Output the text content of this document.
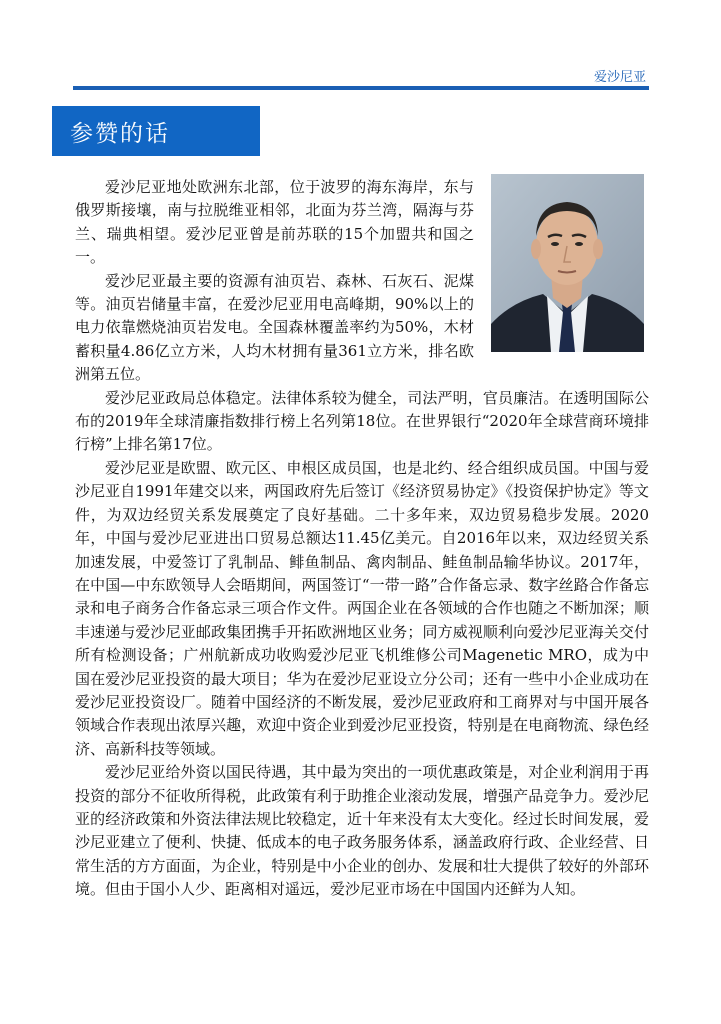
爱沙尼亚
参赞的话

爱沙尼亚地处欧洲东北部，位于波罗的海东海岸，东与俄罗斯接壤，南与拉脱维亚相邻，北面为芬兰湾，隔海与芬兰、瑞典相望。爱沙尼亚曾是前苏联的15个加盟共和国之一。

爱沙尼亚最主要的资源有油页岩、森林、石灰石、泥煤等。油页岩储量丰富，在爱沙尼亚用电高峰期，90%以上的电力依靠燃烧油页岩发电。全国森林覆盖率约为50%，木材蓄积量4.86亿立方米，人均木材拥有量361立方米，排名欧洲第五位。

爱沙尼亚政局总体稳定。法律体系较为健全，司法严明，官员廉洁。在透明国际公布的2019年全球清廉指数排行榜上名列第18位。在世界银行“2020年全球营商环境排行榜”上排名第17位。

爱沙尼亚是欧盟、欧元区、申根区成员国，也是北约、经合组织成员国。中国与爱沙尼亚自1991年建交以来，两国政府先后签订《经济贸易协定》《投资保护协定》等文件，为双边经贸关系发展奠定了良好基础。二十多年来，双边贸易稳步发展。2020年，中国与爱沙尼亚进出口贸易总额达11.45亿美元。自2016年以来，双边经贸关系加速发展，中爱签订了乳制品、鲱鱼制品、禽肉制品、鲑鱼制品输华协议。2017年，在中国—中东欧领导人会晤期间，两国签订“一带一路”合作备忘录、数字丝路合作备忘录和电子商务合作备忘录三项合作文件。两国企业在各领域的合作也随之不断加深；顺丰速递与爱沙尼亚邮政集团携手开拓欧洲地区业务；同方威视顺利向爱沙尼亚海关交付所有检测设备；广州航新成功收购爱沙尼亚飞机维修公司Magenetic MRO，成为中国在爱沙尼亚投资的最大项目；华为在爱沙尼亚设立分公司；还有一些中小企业成功在爱沙尼亚投资设厂。随着中国经济的不断发展，爱沙尼亚政府和工商界对与中国开展各领域合作表现出浓厚兴趣，欢迎中资企业到爱沙尼亚投资，特别是在电商物流、绿色经济、高新科技等领域。

爱沙尼亚给外资以国民待遇，其中最为突出的一项优惠政策是，对企业利润用于再投资的部分不征收所得税，此政策有利于助推企业滚动发展，增强产品竞争力。爱沙尼亚的经济政策和外资法律法规比较稳定，近十年来没有太大变化。经过长时间发展，爱沙尼亚建立了便利、快捷、低成本的电子政务服务体系，涵盖政府行政、企业经营、日常生活的方方面面，为企业，特别是中小企业的创办、发展和壮大提供了较好的外部环境。但由于国小人少、距离相对遥远，爱沙尼亚市场在中国国内还鲜为人知。
